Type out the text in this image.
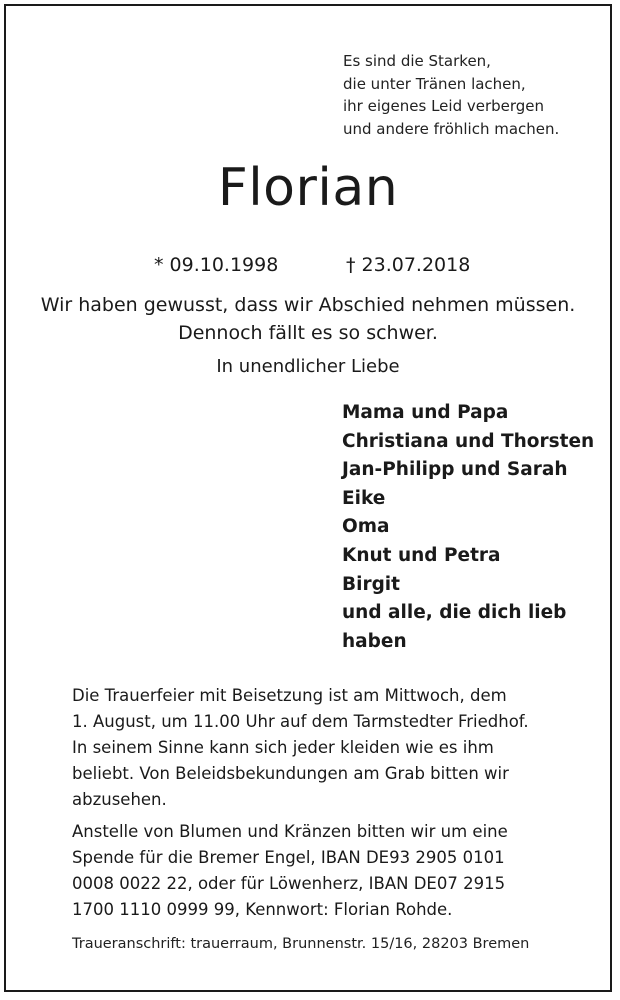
Es sind die Starken,
die unter Tränen lachen,
ihr eigenes Leid verbergen
und andere fröhlich machen.
Florian
* 09.10.1998	† 23.07.2018
Wir haben gewusst, dass wir Abschied nehmen müssen.
Dennoch fällt es so schwer.
In unendlicher Liebe
Mama und Papa
Christiana und Thorsten
Jan-Philipp und Sarah
Eike
Oma
Knut und Petra
Birgit
und alle, die dich lieb
haben
Die Trauerfeier mit Beisetzung ist am Mittwoch, dem
1. August, um 11.00 Uhr auf dem Tarmstedter Friedhof.
In seinem Sinne kann sich jeder kleiden wie es ihm
beliebt. Von Beleidsbekundungen am Grab bitten wir
abzusehen.
Anstelle von Blumen und Kränzen bitten wir um eine
Spende für die Bremer Engel, IBAN DE93 2905 0101
0008 0022 22, oder für Löwenherz, IBAN DE07 2915
1700 1110 0999 99, Kennwort: Florian Rohde.
Traueranschrift: trauerraum, Brunnenstr. 15/16, 28203 Bremen
